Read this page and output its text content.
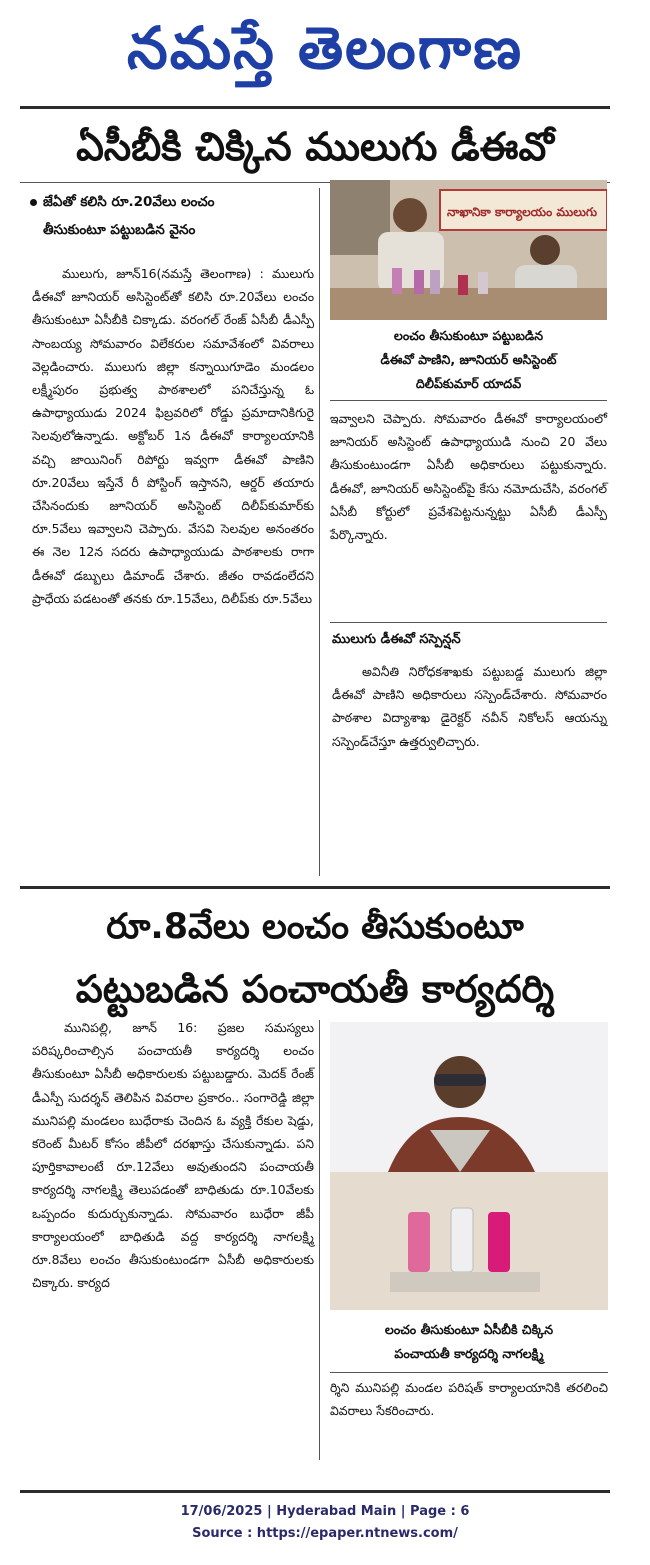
నమస్తే తెలంగాణ
ఏసీబీకి చిక్కిన ములుగు డీఈవో

జేఏతో కలిసి రూ.20వేలు లంచం

తీసుకుంటూ పట్టుబడిన వైనం

ములుగు, జూన్16(నమస్తే తెలంగాణ) : ములుగు డీఈవో జూనియర్ అసిస్టెంట్‌తో కలిసి రూ.20వేలు లంచం తీసుకుంటూ ఏసీబీకి చిక్కాడు. వరంగల్ రేంజ్ ఏసీబీ డీఎస్పీ సాంబయ్య సోమవారం విలేకరుల సమావేశంలో వివరాలు వెల్లడించారు. ములుగు జిల్లా కన్నాయిగూడెం మండలం లక్ష్మీపురం ప్రభుత్వ పాఠశాలలో పనిచేస్తున్న ఓ ఉపాధ్యాయుడు 2024 ఫిబ్రవరిలో రోడ్డు ప్రమాదానికిగురై సెలవులోఉన్నాడు. అక్టోబర్ 1న డీఈవో కార్యాలయానికి వచ్చి జాయినింగ్ రిపోర్టు ఇవ్వగా డీఈవో పాణిని రూ.20వేలు ఇస్తేనే రీ పోస్టింగ్ ఇస్తానని, ఆర్డర్ తయారు చేసినందుకు జూనియర్ అసిస్టెంట్ దిలీప్‌కుమార్‌కు రూ.5వేలు ఇవ్వాలని చెప్పారు. వేసవి సెలవుల అనంతరం ఈ నెల 12న సదరు ఉపాధ్యాయుడు పాఠశాలకు రాగా డీఈవో డబ్బులు డిమాండ్ చేశారు. జీతం రావడంలేదని ప్రాధేయ పడటంతో తనకు రూ.15వేలు, దిలీప్‌కు రూ.5వేలు
నాఖానికా కార్యాలయం ములుగు
లంచం తీసుకుంటూ పట్టుబడిన
డీఈవో పాణిని, జూనియర్ అసిస్టెంట్
దిలీప్‌కుమార్ యాదవ్
ఇవ్వాలని చెప్పారు. సోమవారం డీఈవో కార్యాలయంలో జూనియర్ అసిస్టెంట్ ఉపాధ్యాయుడి నుంచి 20 వేలు తీసుకుంటుండగా ఏసీబీ అధికారులు పట్టుకున్నారు. డీఈవో, జూనియర్ అసిస్టెంట్‌పై కేసు నమోదుచేసి, వరంగల్ ఏసీబీ కోర్టులో ప్రవేశపెట్టనున్నట్టు ఏసీబీ డీఎస్పీ పేర్కొన్నారు.
ములుగు డీఈవో సస్పెన్షన్
అవినీతి నిరోధకశాఖకు పట్టుబడ్డ ములుగు జిల్లా డీఈవో పాణిని అధికారులు సస్పెండ్‌చేశారు. సోమవారం పాఠశాల విద్యాశాఖ డైరెక్టర్ నవీన్ నికోలస్ ఆయన్ను సస్పెండ్‌చేస్తూ ఉత్తర్వులిచ్చారు.
రూ.8వేలు లంచం తీసుకుంటూ
పట్టుబడిన పంచాయతీ కార్యదర్శి
మునిపల్లి, జూన్ 16: ప్రజల సమస్యలు పరిష్కరించాల్సిన పంచాయతీ కార్యదర్శి లంచం తీసుకుంటూ ఏసీబీ అధికారులకు పట్టుబడ్డారు. మెదక్ రేంజ్ డీఎస్పీ సుదర్శన్ తెలిపిన వివరాల ప్రకారం.. సంగారెడ్డి జిల్లా మునిపల్లి మండలం బుధేరాకు చెందిన ఓ వ్యక్తి రేకుల షెడ్డు, కరెంట్ మీటర్ కోసం జీపీలో దరఖాస్తు చేసుకున్నాడు. పని పూర్తికావాలంటే రూ.12వేలు అవుతుందని పంచాయతీ కార్యదర్శి నాగలక్ష్మి తెలుపడంతో బాధితుడు రూ.10వేలకు ఒప్పందం కుదుర్చుకున్నాడు. సోమవారం బుధేరా జీపీ కార్యాలయంలో బాధితుడి వద్ద కార్యదర్శి నాగలక్ష్మి రూ.8వేలు లంచం తీసుకుంటుండగా ఏసీబీ అధికారులకు చిక్కారు. కార్యద
లంచం తీసుకుంటూ ఏసీబీకి చిక్కిన
పంచాయతీ కార్యదర్శి నాగలక్ష్మి
ర్శిని మునిపల్లి మండల పరిషత్ కార్యాలయానికి తరలించి వివరాలు సేకరించారు.
17/06/2025 | Hyderabad Main | Page : 6
Source : https://epaper.ntnews.com/
